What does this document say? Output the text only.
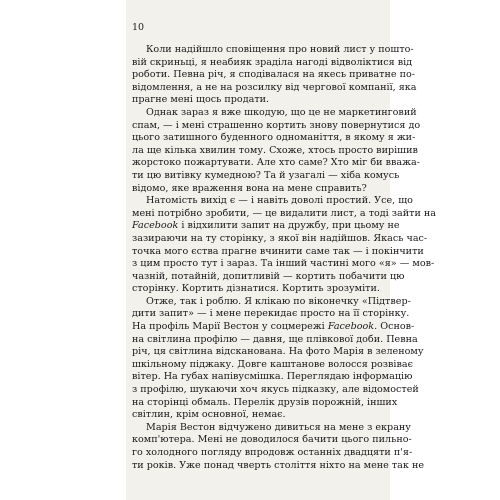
10
Коли надійшло сповіщення про новий лист у пошто-
вій скриньці, я неабияк зраділа нагоді відволіктися від
роботи. Певна річ, я сподівалася на якесь приватне по-
відомлення, а не на розсилку від чергової компанії, яка
прагне мені щось продати.
Однак зараз я вже шкодую, що це не маркетинговий
спам, — і мені страшенно кортить знову повернутися до
цього затишного буденного одноманіття, в якому я жи-
ла ще кілька хвилин тому. Схоже, хтось просто вирішив
жорстоко пожартувати. Але хто саме? Хто міг би вважа-
ти цю витівку кумедною? Та й узагалі — хіба комусь
відомо, яке враження вона на мене справить?
Натомість вихід є — і навіть доволі простий. Усе, що
мені потрібно зробити, — це видалити лист, а тоді зайти на
Facebook і відхилити запит на дружбу, при цьому не
зазираючи на ту сторінку, з якої він надійшов. Якась час-
точка мого єства прагне вчинити саме так — і покінчити
з цим просто тут і зараз. Та інший частині мого «я» — мов-
чазній, потайній, допитливій — кортить побачити цю
сторінку. Кортить дізнатися. Кортить зрозуміти.
Отже, так і роблю. Я клікаю по віконечку «Підтвер-
дити запит» — і мене перекидає просто на її сторінку.
На профіль Марії Вестон у соцмережі Facebook. Основ-
на світлина профілю — давня, ще плівкової доби. Певна
річ, ця світлина відсканована. На фото Марія в зеленому
шкільному піджаку. Довге каштанове волосся розвіває
вітер. На губах напівусмішка. Переглядаю інформацію
з профілю, шукаючи хоч якусь підказку, але відомостей
на сторінці обмаль. Перелік друзів порожній, інших
світлин, крім основної, немає.
Марія Вестон відчужено дивиться на мене з екрану
комп'ютера. Мені не доводилося бачити цього пильно-
го холодного погляду впродовж останніх двадцяти п'я-
ти років. Уже понад чверть століття ніхто на мене так не
